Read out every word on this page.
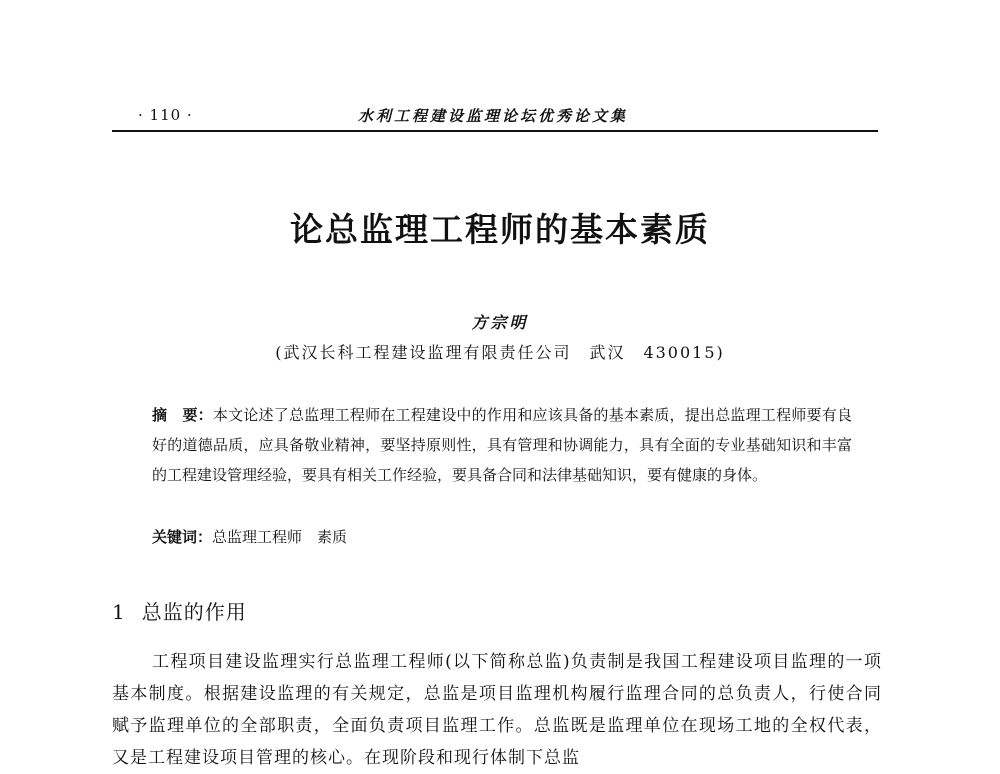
· 110 ·	水利工程建设监理论坛优秀论文集
论总监理工程师的基本素质
方宗明
(武汉长科工程建设监理有限责任公司　武汉　430015)
摘　要：本文论述了总监理工程师在工程建设中的作用和应该具备的基本素质，提出总监理工程师要有良好的道德品质，应具备敬业精神，要坚持原则性，具有管理和协调能力，具有全面的专业基础知识和丰富的工程建设管理经验，要具有相关工作经验，要具备合同和法律基础知识，要有健康的身体。
关键词：总监理工程师　素质
1 总监的作用
工程项目建设监理实行总监理工程师(以下简称总监)负责制是我国工程建设项目监理的一项基本制度。根据建设监理的有关规定，总监是项目监理机构履行监理合同的总负责人，行使合同赋予监理单位的全部职责，全面负责项目监理工作。总监既是监理单位在现场工地的全权代表，又是工程建设项目管理的核心。在现阶段和现行体制下总监
